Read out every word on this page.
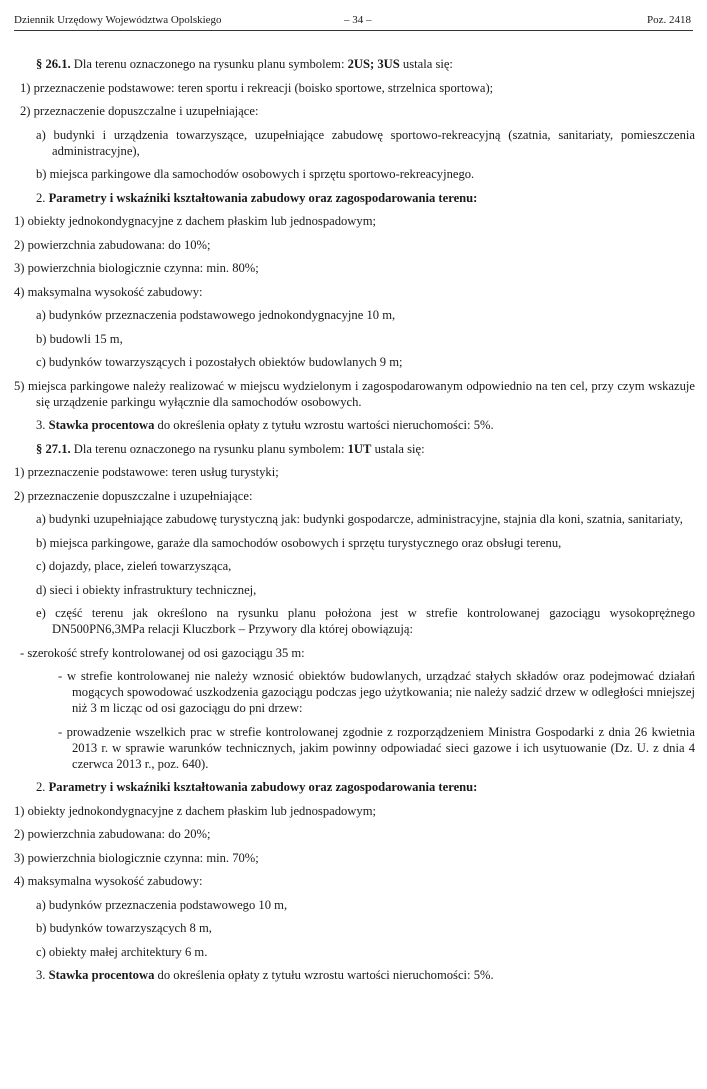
Dziennik Urzędowy Województwa Opolskiego	– 34 –	Poz. 2418

§ 26.1. Dla terenu oznaczonego na rysunku planu symbolem: 2US; 3US ustala się:

1) przeznaczenie podstawowe: teren sportu i rekreacji (boisko sportowe, strzelnica sportowa);

2) przeznaczenie dopuszczalne i uzupełniające:

a) budynki i urządzenia towarzyszące, uzupełniające zabudowę sportowo-rekreacyjną (szatnia, sanitariaty, pomieszczenia administracyjne),

b) miejsca parkingowe dla samochodów osobowych i sprzętu sportowo-rekreacyjnego.

2. Parametry i wskaźniki kształtowania zabudowy oraz zagospodarowania terenu:

1) obiekty jednokondygnacyjne z dachem płaskim lub jednospadowym;

2) powierzchnia zabudowana: do 10%;

3) powierzchnia biologicznie czynna: min. 80%;

4) maksymalna wysokość zabudowy:

a) budynków przeznaczenia podstawowego jednokondygnacyjne 10 m,

b) budowli 15 m,

c) budynków towarzyszących i pozostałych obiektów budowlanych 9 m;

5) miejsca parkingowe należy realizować w miejscu wydzielonym i zagospodarowanym odpowiednio na ten cel, przy czym wskazuje się urządzenie parkingu wyłącznie dla samochodów osobowych.

3. Stawka procentowa do określenia opłaty z tytułu wzrostu wartości nieruchomości: 5%.

§ 27.1. Dla terenu oznaczonego na rysunku planu symbolem: 1UT ustala się:

1) przeznaczenie podstawowe: teren usług turystyki;

2) przeznaczenie dopuszczalne i uzupełniające:

a) budynki uzupełniające zabudowę turystyczną jak: budynki gospodarcze, administracyjne, stajnia dla koni, szatnia, sanitariaty,

b) miejsca parkingowe, garaże dla samochodów osobowych i sprzętu turystycznego oraz obsługi terenu,

c) dojazdy, place, zieleń towarzysząca,

d) sieci i obiekty infrastruktury technicznej,

e) część terenu jak określono na rysunku planu położona jest w strefie kontrolowanej gazociągu wysokoprężnego DN500PN6,3MPa relacji Kluczbork – Przywory dla której obowiązują:

- szerokość strefy kontrolowanej od osi gazociągu 35 m:

- w strefie kontrolowanej nie należy wznosić obiektów budowlanych, urządzać stałych składów oraz podejmować działań mogących spowodować uszkodzenia gazociągu podczas jego użytkowania; nie należy sadzić drzew w odległości mniejszej niż 3 m licząc od osi gazociągu do pni drzew:

- prowadzenie wszelkich prac w strefie kontrolowanej zgodnie z rozporządzeniem Ministra Gospodarki z dnia 26 kwietnia 2013 r. w sprawie warunków technicznych, jakim powinny odpowiadać sieci gazowe i ich usytuowanie (Dz. U. z dnia 4 czerwca 2013 r., poz. 640).

2. Parametry i wskaźniki kształtowania zabudowy oraz zagospodarowania terenu:

1) obiekty jednokondygnacyjne z dachem płaskim lub jednospadowym;

2) powierzchnia zabudowana: do 20%;

3) powierzchnia biologicznie czynna: min. 70%;

4) maksymalna wysokość zabudowy:

a) budynków przeznaczenia podstawowego 10 m,

b) budynków towarzyszących 8 m,

c) obiekty małej architektury 6 m.

3. Stawka procentowa do określenia opłaty z tytułu wzrostu wartości nieruchomości: 5%.
